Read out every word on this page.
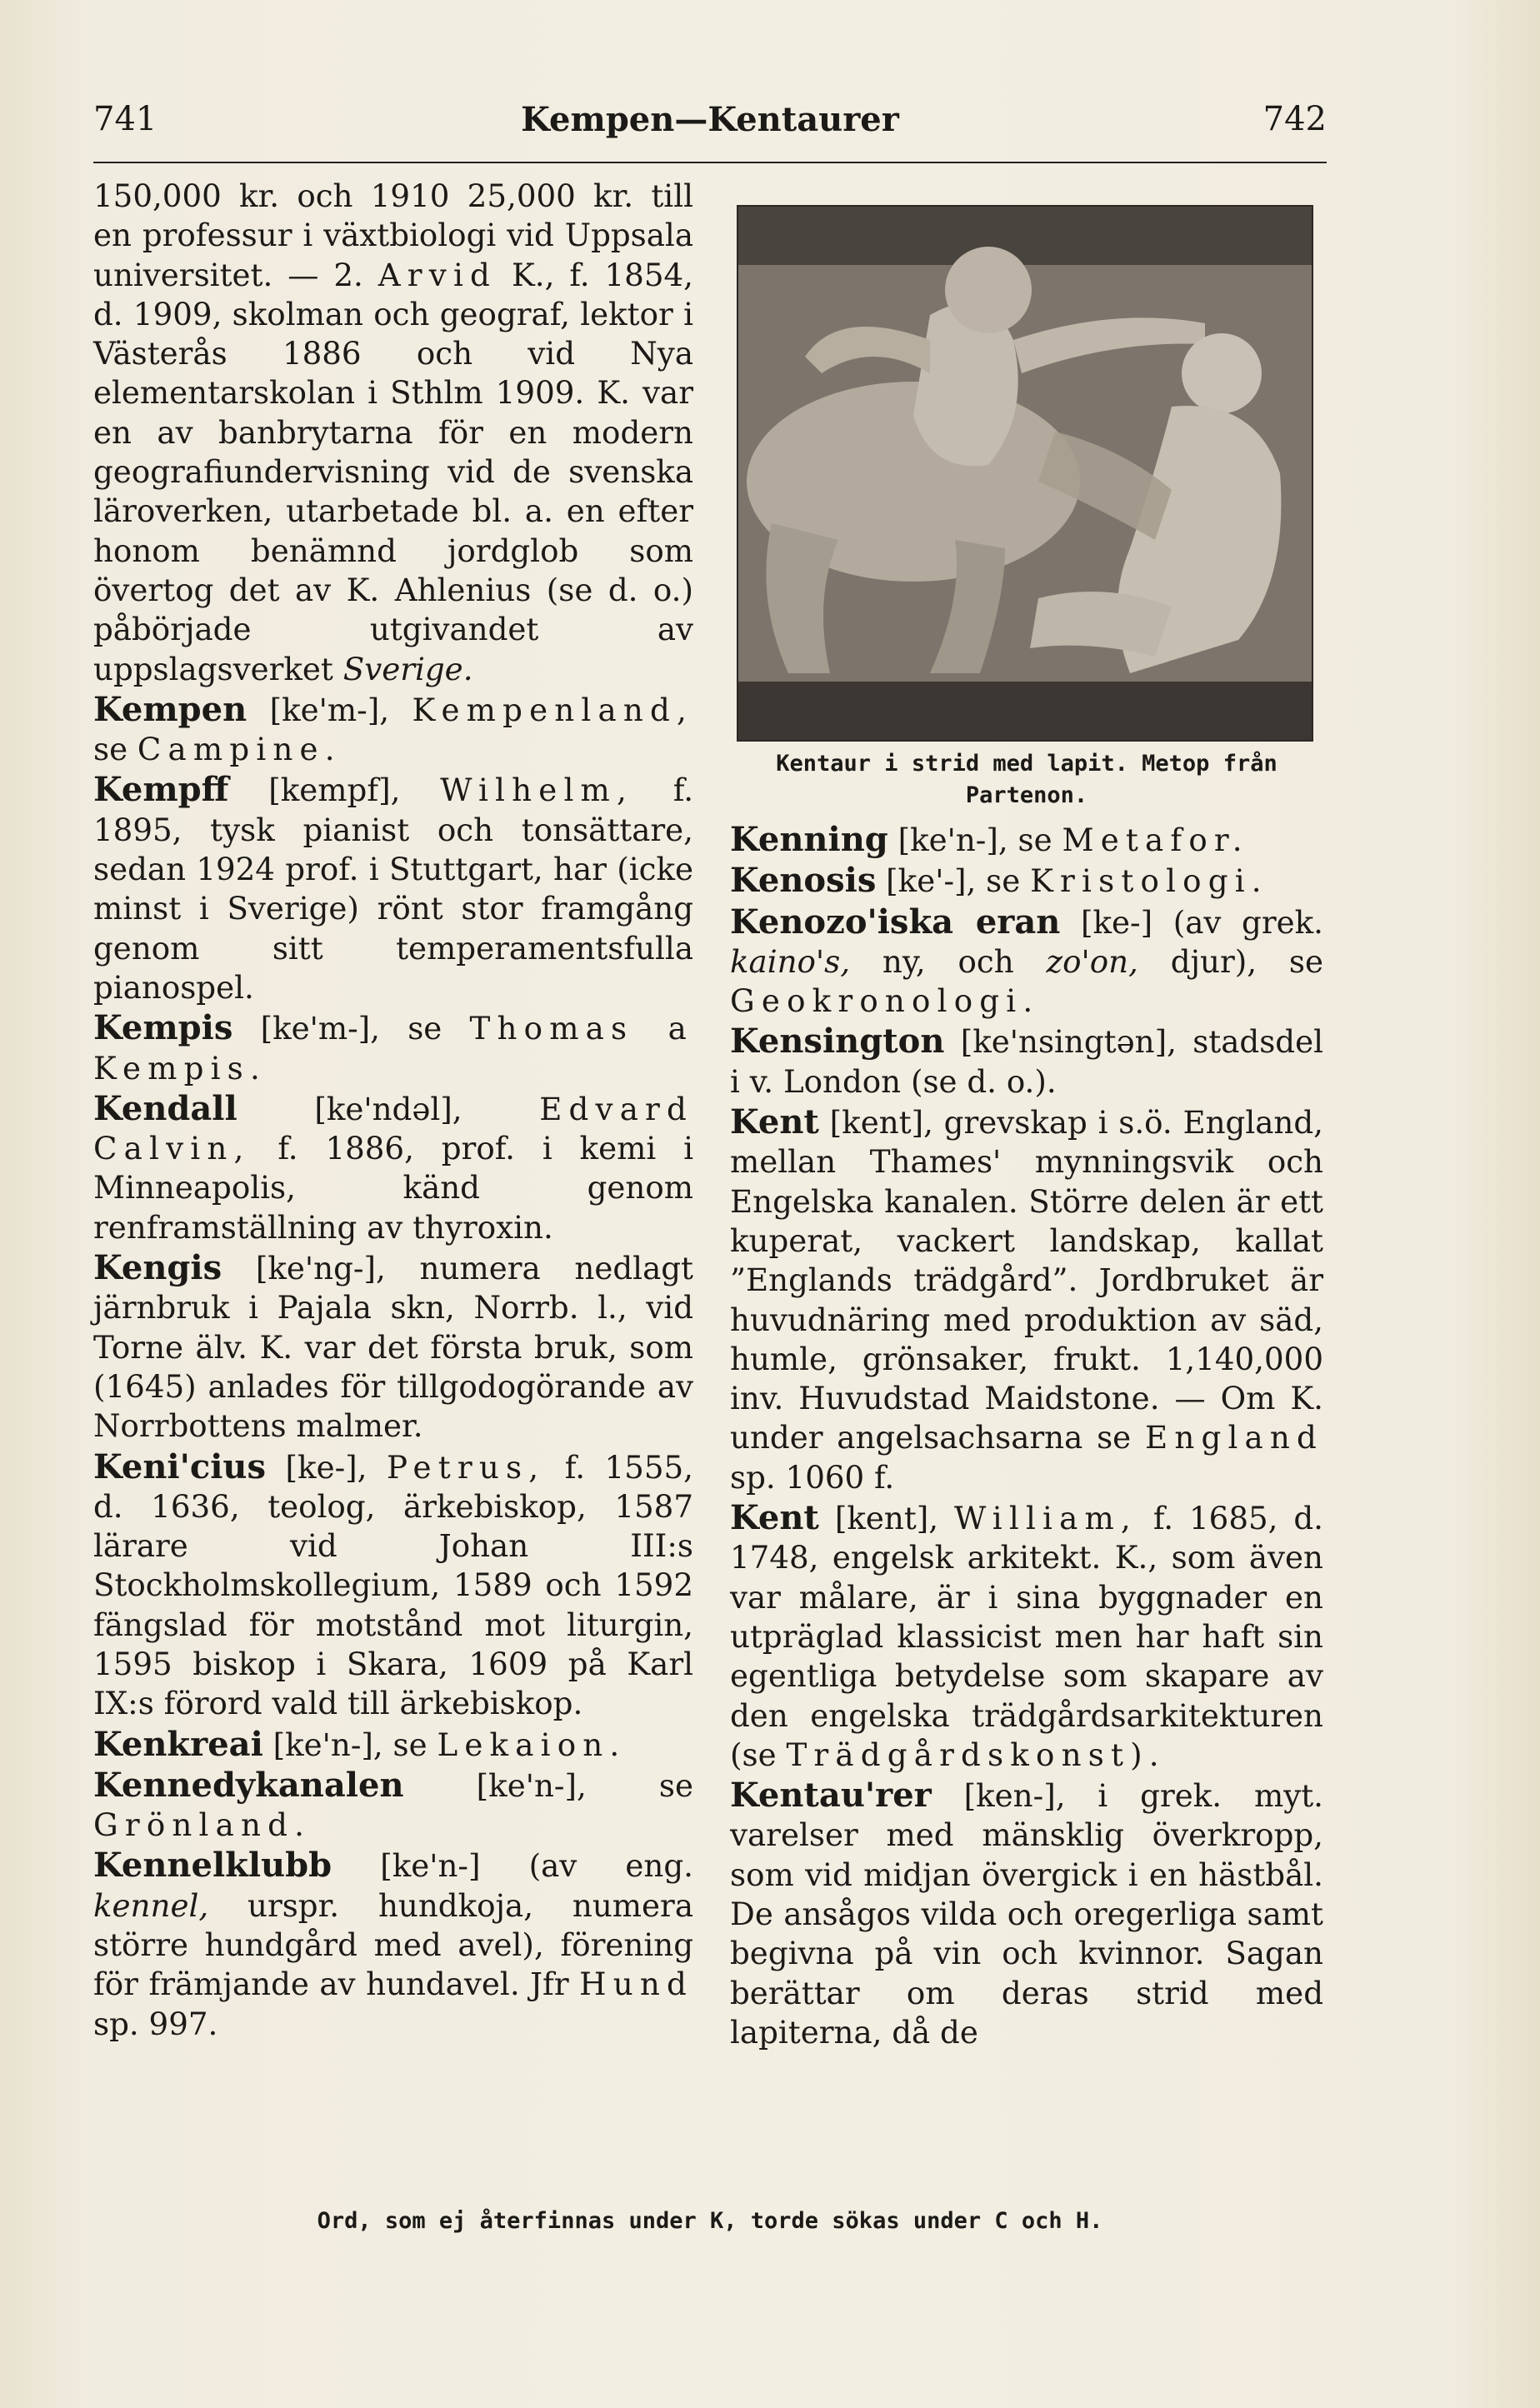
741	Kempen—Kentaurer	742

150,000 kr. och 1910 25,000 kr. till en professur i växtbiologi vid Uppsala universitet. — 2. Arvid K., f. 1854, d. 1909, skolman och geograf, lektor i Västerås 1886 och vid Nya elementarskolan i Sthlm 1909. K. var en av banbrytarna för en modern geografiundervisning vid de svenska läroverken, utarbetade bl. a. en efter honom benämnd jordglob som övertog det av K. Ahlenius (se d. o.) påbörjade utgivandet av uppslagsverket Sverige.

Kempen [ke'm-], Kempenland, se Campine.

Kempff [kempf], Wilhelm, f. 1895, tysk pianist och tonsättare, sedan 1924 prof. i Stuttgart, har (icke minst i Sverige) rönt stor framgång genom sitt temperamentsfulla pianospel.

Kempis [ke'm-], se Thomas a Kempis.

Kendall [ke'ndəl], Edvard Calvin, f. 1886, prof. i kemi i Minneapolis, känd genom renframställning av thyroxin.

Kengis [ke'ng-], numera nedlagt järnbruk i Pajala skn, Norrb. l., vid Torne älv. K. var det första bruk, som (1645) anlades för tillgodogörande av Norrbottens malmer.

Keni'cius [ke-], Petrus, f. 1555, d. 1636, teolog, ärkebiskop, 1587 lärare vid Johan III:s Stockholmskollegium, 1589 och 1592 fängslad för motstånd mot liturgin, 1595 biskop i Skara, 1609 på Karl IX:s förord vald till ärkebiskop.

Kenkreai [ke'n-], se Lekaion.

Kennedykanalen [ke'n-], se Grönland.

Kennelklubb [ke'n-] (av eng. kennel, urspr. hundkoja, numera större hundgård med avel), förening för främjande av hundavel. Jfr Hund sp. 997.

Kentaur i strid med lapit. Metop från Partenon.

Kenning [ke'n-], se Metafor.

Kenosis [ke'-], se Kristologi.

Kenozo'iska eran [ke-] (av grek. kaino's, ny, och zo'on, djur), se Geokronologi.

Kensington [ke'nsingtən], stadsdel i v. London (se d. o.).

Kent [kent], grevskap i s.ö. England, mellan Thames' mynningsvik och Engelska kanalen. Större delen är ett kuperat, vackert landskap, kallat ”Englands trädgård”. Jordbruket är huvudnäring med produktion av säd, humle, grönsaker, frukt. 1,140,000 inv. Huvudstad Maidstone. — Om K. under angelsachsarna se England sp. 1060 f.

Kent [kent], William, f. 1685, d. 1748, engelsk arkitekt. K., som även var målare, är i sina byggnader en utpräglad klassicist men har haft sin egentliga betydelse som skapare av den engelska trädgårdsarkitekturen (se Trädgårdskonst).

Kentau'rer [ken-], i grek. myt. varelser med mänsklig överkropp, som vid midjan övergick i en hästbål. De ansågos vilda och oregerliga samt begivna på vin och kvinnor. Sagan berättar om deras strid med lapiterna, då de

Ord, som ej återfinnas under K, torde sökas under C och H.
